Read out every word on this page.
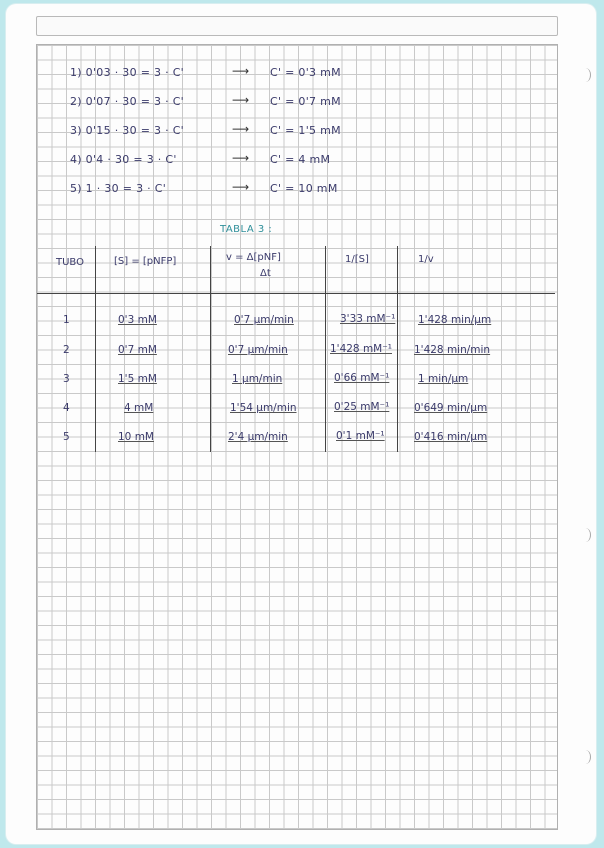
1) 0'03 · 30 = 3 · C'	⟶ C' = 0'3 mM
2) 0'07 · 30 = 3 · C'	⟶ C' = 0'7 mM
3) 0'15 · 30 = 3 · C'	⟶ C' = 1'5 mM
4) 0'4 · 30 = 3 · C'	⟶ C' = 4 mM
5) 1 · 30 = 3 · C'	⟶ C' = 10 mM
TABLA 3 :
TUBO	[S] = [pNFP]	v = Δ[pNF]
Δt
1/[S]	1/v
1	0'3 mM	0'7 µm/min	3'33 mM⁻¹ 1'428 min/µm
2	0'7 mM	0'7 µm/min	1'428 mM⁻¹ 1'428 min/min
3	1'5 mM	1 µm/min	0'66 mM⁻¹	1 min/µm
4	4 mM	1'54 µm/min	0'25 mM⁻¹ 0'649 min/µm
5	10 mM	2'4 µm/min	0'1 mM⁻¹	0'416 min/µm
